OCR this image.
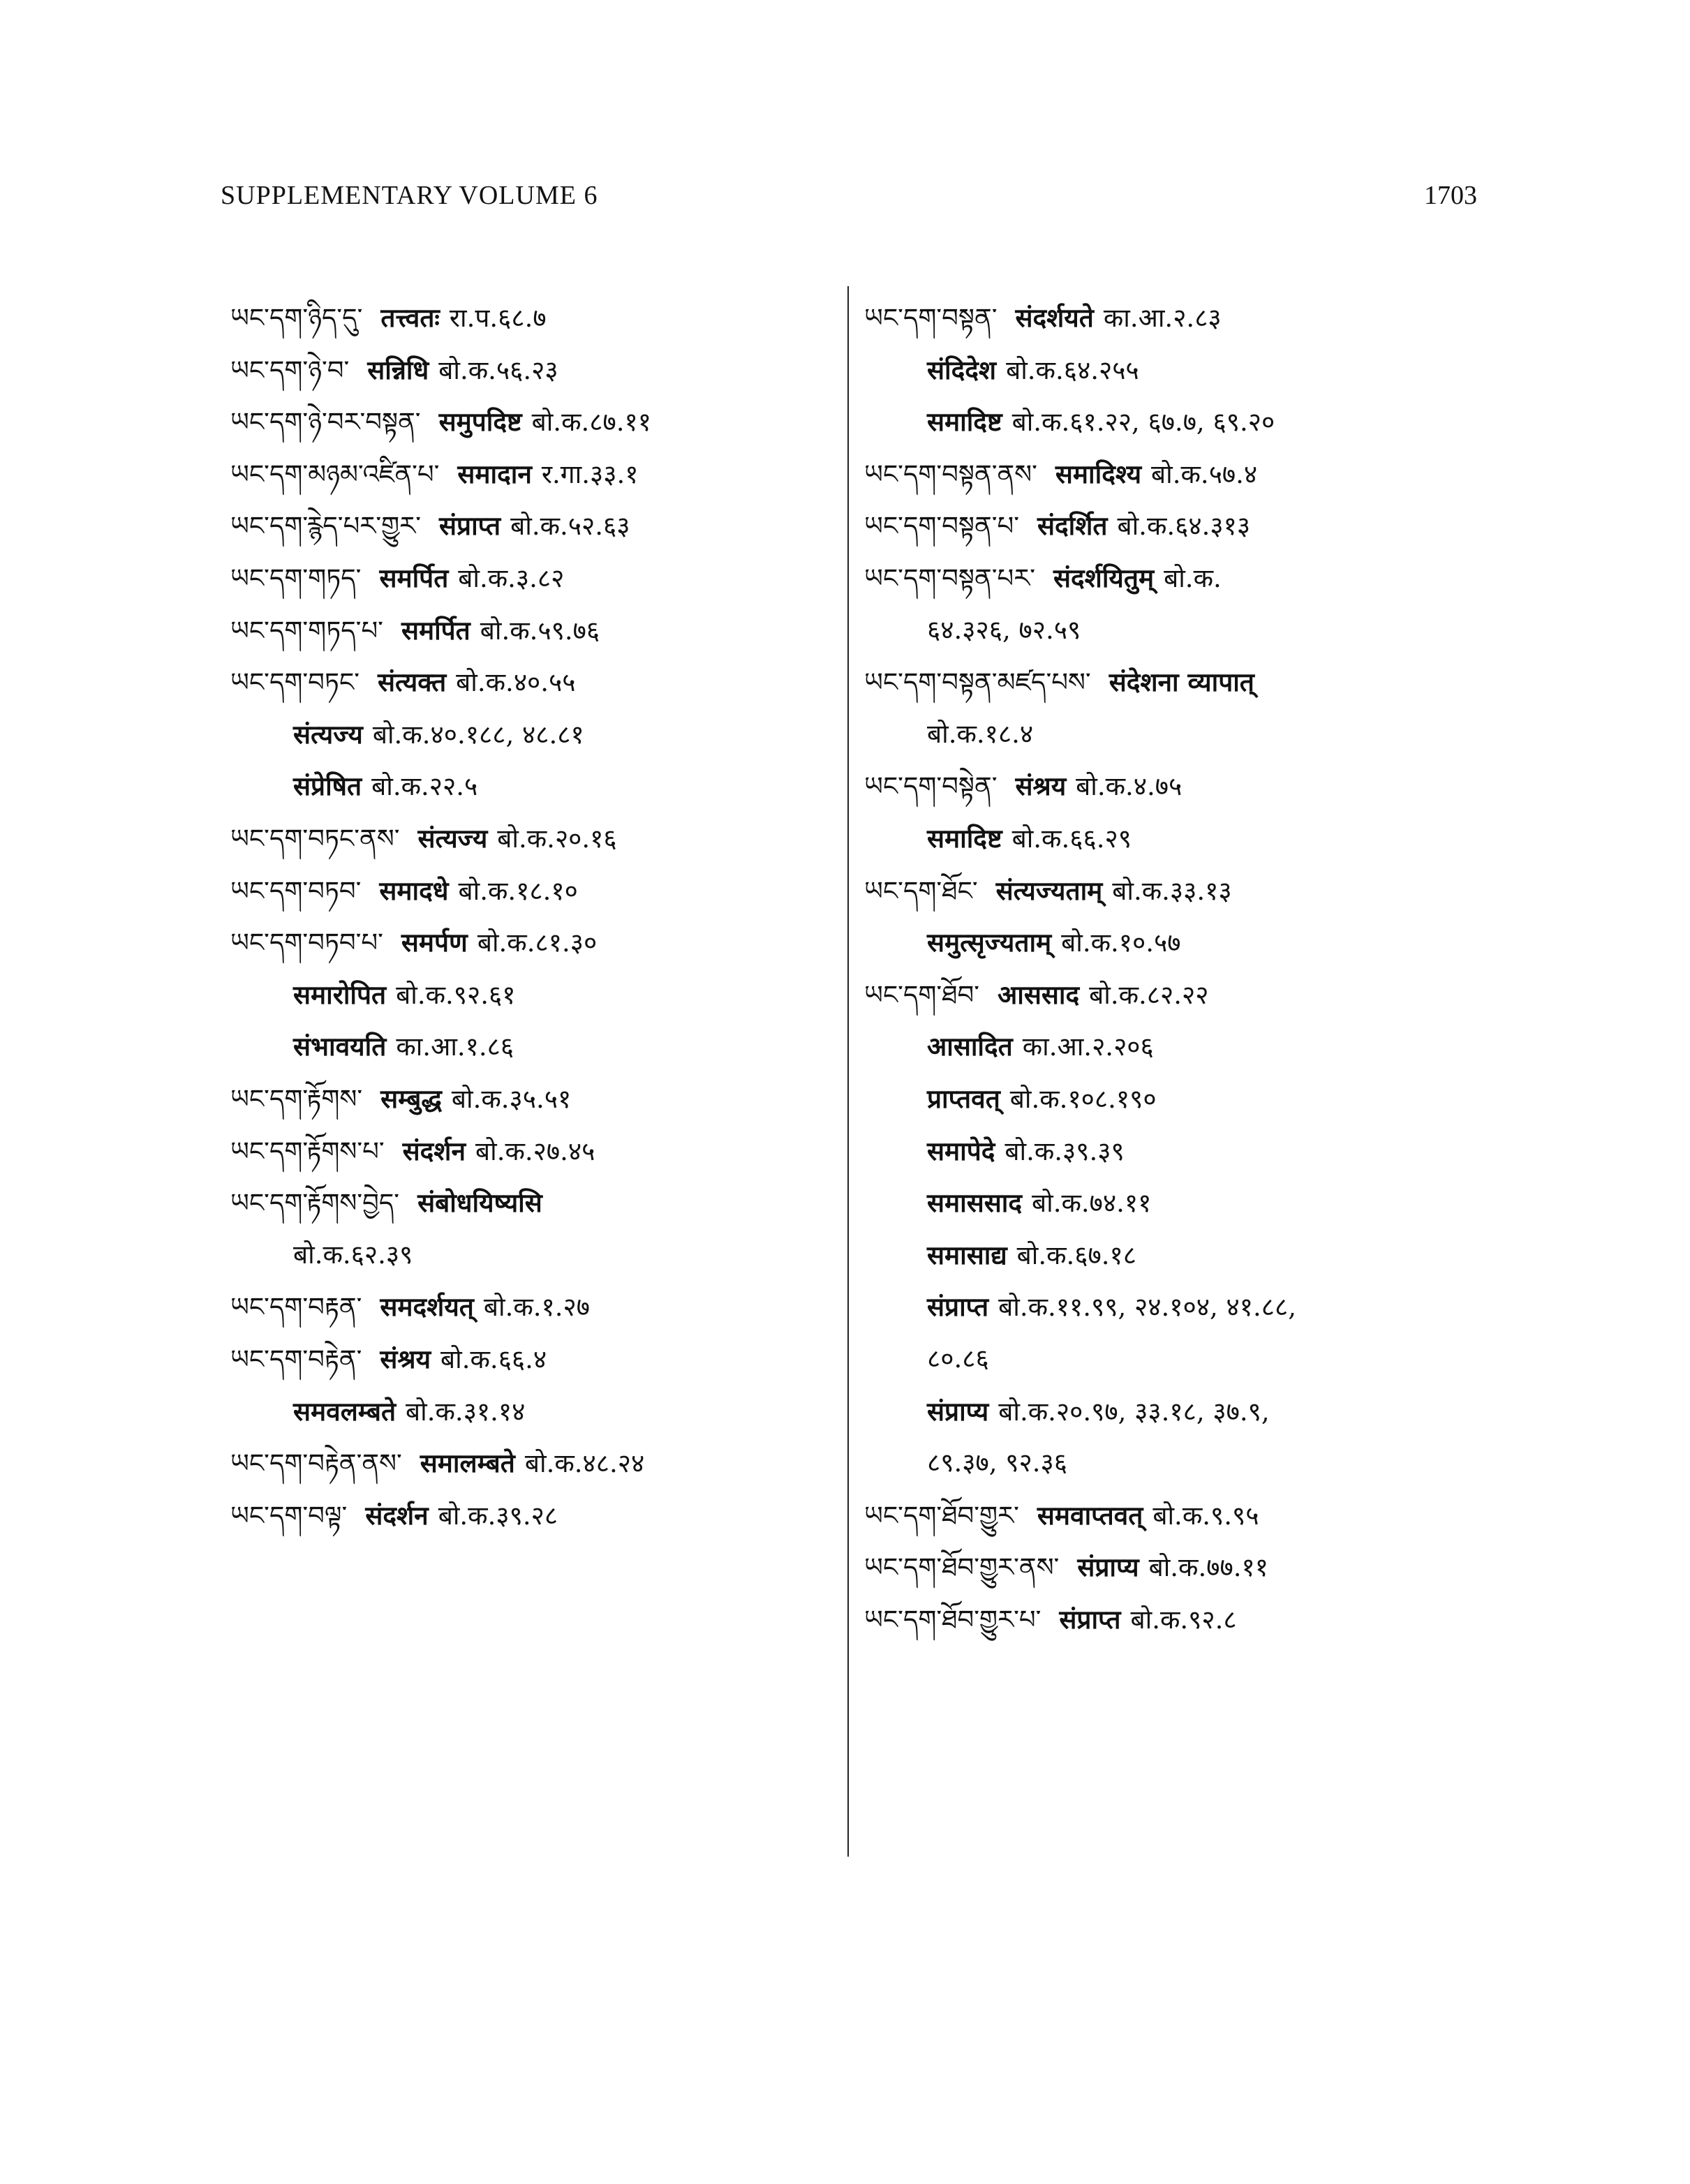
SUPPLEMENTARY VOLUME 6	1703
ཡང་དག་ཉིད་དུ་ तत्त्वतः रा.प.६८.७
ཡང་དག་ཉེ་བ་ सन्निधि बो.क.५६.२३
ཡང་དག་ཉེ་བར་བསྟན་ समुपदिष्ट बो.क.८७.११
ཡང་དག་མཉམ་འཛིན་པ་ समादान र.गा.३३.१
ཡང་དག་རྙེད་པར་གྱུར་ संप्राप्त बो.क.५२.६३
ཡང་དག་གཏད་ समर्पित बो.क.३.८२
ཡང་དག་གཏད་པ་ समर्पित बो.क.५९.७६
ཡང་དག་བཏང་ संत्यक्त बो.क.४०.५५
संत्यज्य बो.क.४०.१८८, ४८.८१
संप्रेषित बो.क.२२.५
ཡང་དག་བཏང་ནས་ संत्यज्य बो.क.२०.१६
ཡང་དག་བཏབ་ समादधे बो.क.१८.१०
ཡང་དག་བཏབ་པ་ समर्पण बो.क.८१.३०
समारोपित बो.क.९२.६१
संभावयति का.आ.१.८६
ཡང་དག་རྟོགས་ सम्बुद्ध बो.क.३५.५१
ཡང་དག་རྟོགས་པ་ संदर्शन बो.क.२७.४५
ཡང་དག་རྟོགས་བྱེད་ संबोधयिष्यसि
बो.क.६२.३९
ཡང་དག་བརྟན་ समदर्शयत् बो.क.१.२७
ཡང་དག་བརྟེན་ संश्रय बो.क.६६.४
समवलम्बते बो.क.३१.१४
ཡང་དག་བརྟེན་ནས་ समालम्बते बो.क.४८.२४
ཡང་དག་བལྟ་ संदर्शन बो.क.३९.२८
ཡང་དག་བསྟན་ संदर्शयते का.आ.२.८३
संदिदेश बो.क.६४.२५५
समादिष्ट बो.क.६१.२२, ६७.७, ६९.२०
ཡང་དག་བསྟན་ནས་ समादिश्य बो.क.५७.४
ཡང་དག་བསྟན་པ་ संदर्शित बो.क.६४.३१३
ཡང་དག་བསྟན་པར་ संदर्शयितुम् बो.क.
६४.३२६, ७२.५९
ཡང་དག་བསྟན་མཛད་པས་ संदेशना व्यापात्
बो.क.१८.४
ཡང་དག་བསྟེན་ संश्रय बो.क.४.७५
समादिष्ट बो.क.६६.२९
ཡང་དག་ཐོང་ संत्यज्यताम् बो.क.३३.१३
समुत्सृज्यताम् बो.क.१०.५७
ཡང་དག་ཐོབ་ आससाद बो.क.८२.२२
आसादित का.आ.२.२०६
प्राप्तवत् बो.क.१०८.१९०
समापेदे बो.क.३९.३९
समाससाद बो.क.७४.११
समासाद्य बो.क.६७.१८
संप्राप्त बो.क.११.९९, २४.१०४, ४१.८८,
८०.८६
संप्राप्य बो.क.२०.९७, ३३.१८, ३७.९,
८९.३७, ९२.३६
ཡང་དག་ཐོབ་གྱུར་ समवाप्तवत् बो.क.९.९५
ཡང་དག་ཐོབ་གྱུར་ནས་ संप्राप्य बो.क.७७.११
ཡང་དག་ཐོབ་གྱུར་པ་ संप्राप्त बो.क.९२.८
